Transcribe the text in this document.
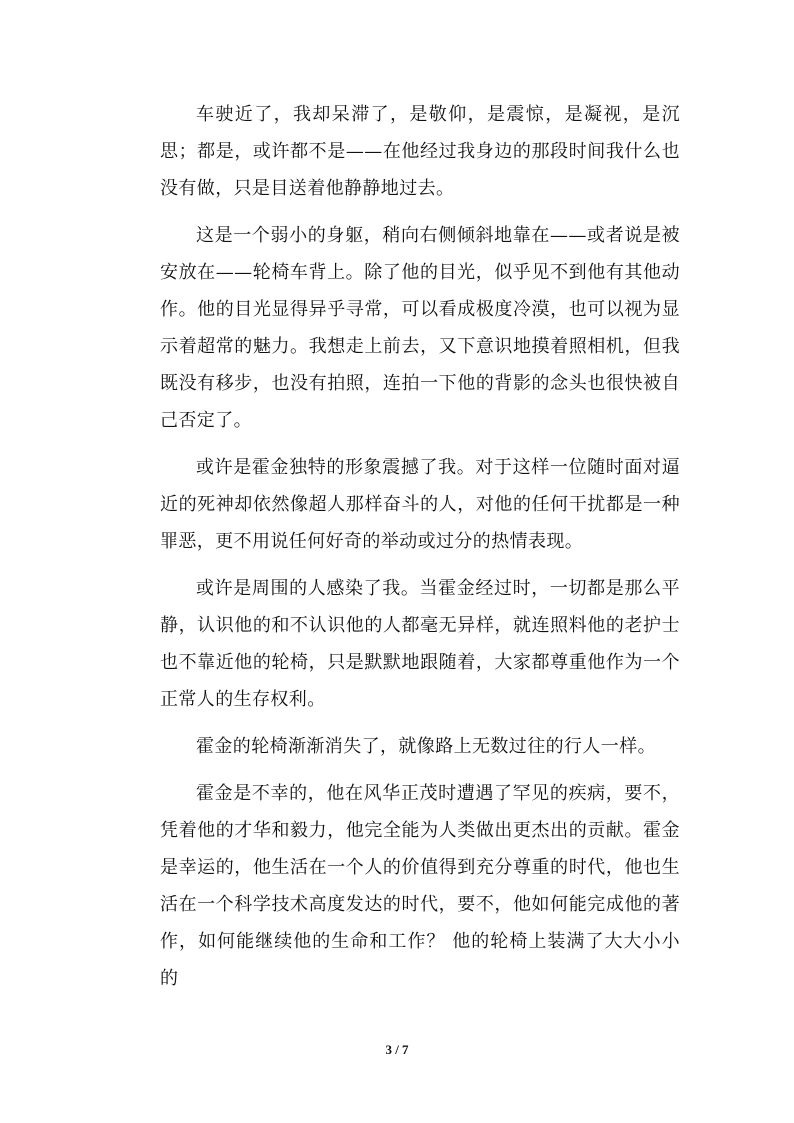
车驶近了，我却呆滞了，是敬仰，是震惊，是凝视，是沉思；都是，或许都不是——在他经过我身边的那段时间我什么也没有做，只是目送着他静静地过去。

这是一个弱小的身躯，稍向右侧倾斜地靠在——或者说是被安放在——轮椅车背上。除了他的目光，似乎见不到他有其他动作。他的目光显得异乎寻常，可以看成极度冷漠，也可以视为显示着超常的魅力。我想走上前去，又下意识地摸着照相机，但我既没有移步，也没有拍照，连拍一下他的背影的念头也很快被自己否定了。

或许是霍金独特的形象震撼了我。对于这样一位随时面对逼近的死神却依然像超人那样奋斗的人，对他的任何干扰都是一种罪恶，更不用说任何好奇的举动或过分的热情表现。

或许是周围的人感染了我。当霍金经过时，一切都是那么平静，认识他的和不认识他的人都毫无异样，就连照料他的老护士也不靠近他的轮椅，只是默默地跟随着，大家都尊重他作为一个正常人的生存权利。

霍金的轮椅渐渐消失了，就像路上无数过往的行人一样。

霍金是不幸的，他在风华正茂时遭遇了罕见的疾病，要不，凭着他的才华和毅力，他完全能为人类做出更杰出的贡献。霍金是幸运的，他生活在一个人的价值得到充分尊重的时代，他也生活在一个科学技术高度发达的时代，要不，他如何能完成他的著作，如何能继续他的生命和工作？ 他的轮椅上装满了大大小小的

3 / 7
